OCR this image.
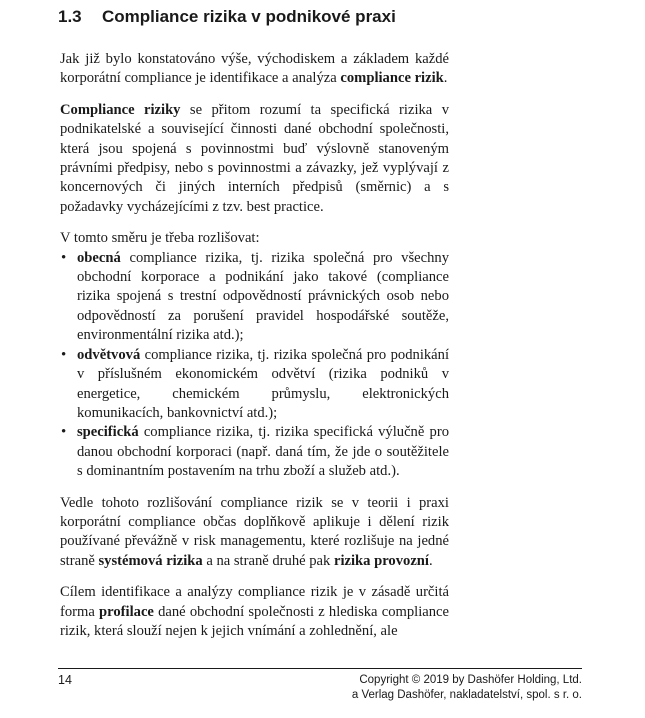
1.3 Compliance rizika v podnikové praxi

Jak již bylo konstatováno výše, východiskem a základem každé korporátní compliance je identifikace a analýza compliance rizik.

Compliance riziky se přitom rozumí ta specifická rizika v podnikatelské a související činnosti dané obchodní společnosti, která jsou spojená s povinnostmi buď výslovně stanoveným právními předpisy, nebo s povinnostmi a závazky, jež vyplývají z koncernových či jiných interních předpisů (směrnic) a s požadavky vycházejícími z tzv. best practice.

V tomto směru je třeba rozlišovat:

• obecná compliance rizika, tj. rizika společná pro všechny obchodní korporace a podnikání jako takové (compliance rizika spojená s trestní odpovědností právnických osob nebo odpovědností za porušení pravidel hospodářské soutěže, environmentální rizika atd.);
• odvětvová compliance rizika, tj. rizika společná pro podnikání v příslušném ekonomickém odvětví (rizika podniků v energetice, chemickém průmyslu, elektronických komunikacích, bankovnictví atd.);
• specifická compliance rizika, tj. rizika specifická výlučně pro danou obchodní korporaci (např. daná tím, že jde o soutěžitele s dominantním postavením na trhu zboží a služeb atd.).

Vedle tohoto rozlišování compliance rizik se v teorii i praxi korporátní compliance občas doplňkově aplikuje i dělení rizik používané převážně v risk managementu, které rozlišuje na jedné straně systémová rizika a na straně druhé pak rizika provozní.

Cílem identifikace a analýzy compliance rizik je v zásadě určitá forma profilace dané obchodní společnosti z hlediska compliance rizik, která slouží nejen k jejich vnímání a zohlednění, ale

14	Copyright © 2019 by Dashöfer Holding, Ltd.
a Verlag Dashöfer, nakladatelství, spol. s r. o.
